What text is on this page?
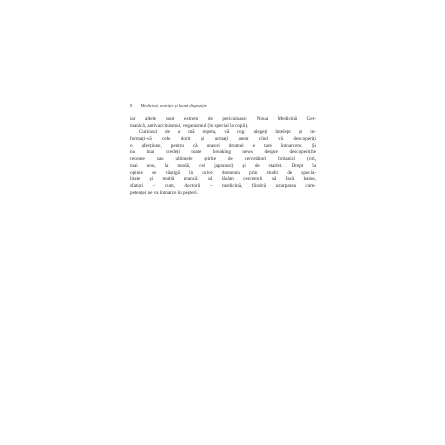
8 Medicină, nutriție și bună dispoziție
iar altele sunt extrem de periculoase: Noua Medicină Ger-
manică, antivaccinismul, veganismul (în special la copii).
Curiozul de a mă repeta, vă rog: alegeți întelept și in-
formați-vă cele dorit și urmați atent cînd vă descoperiți
o afecțiune, pentru că uneori drumul e tare întoarcere. Și
nu mai credeți toate breaking news despre descoperirile
recente sau ultimele știrite de cercetători britanici (ori,
mai nou, la modă, cei japonezi) și de starlet. Drept la
opinie se câștigă în orice domeniu prin studii de specia-
litate și multă muncă: să lăsăm cercetorii să facă baine,
sfaturi – cum, doctorii – medicină, fiindcă uzurparea com-
petenței ne va întoarce în peșteri.
